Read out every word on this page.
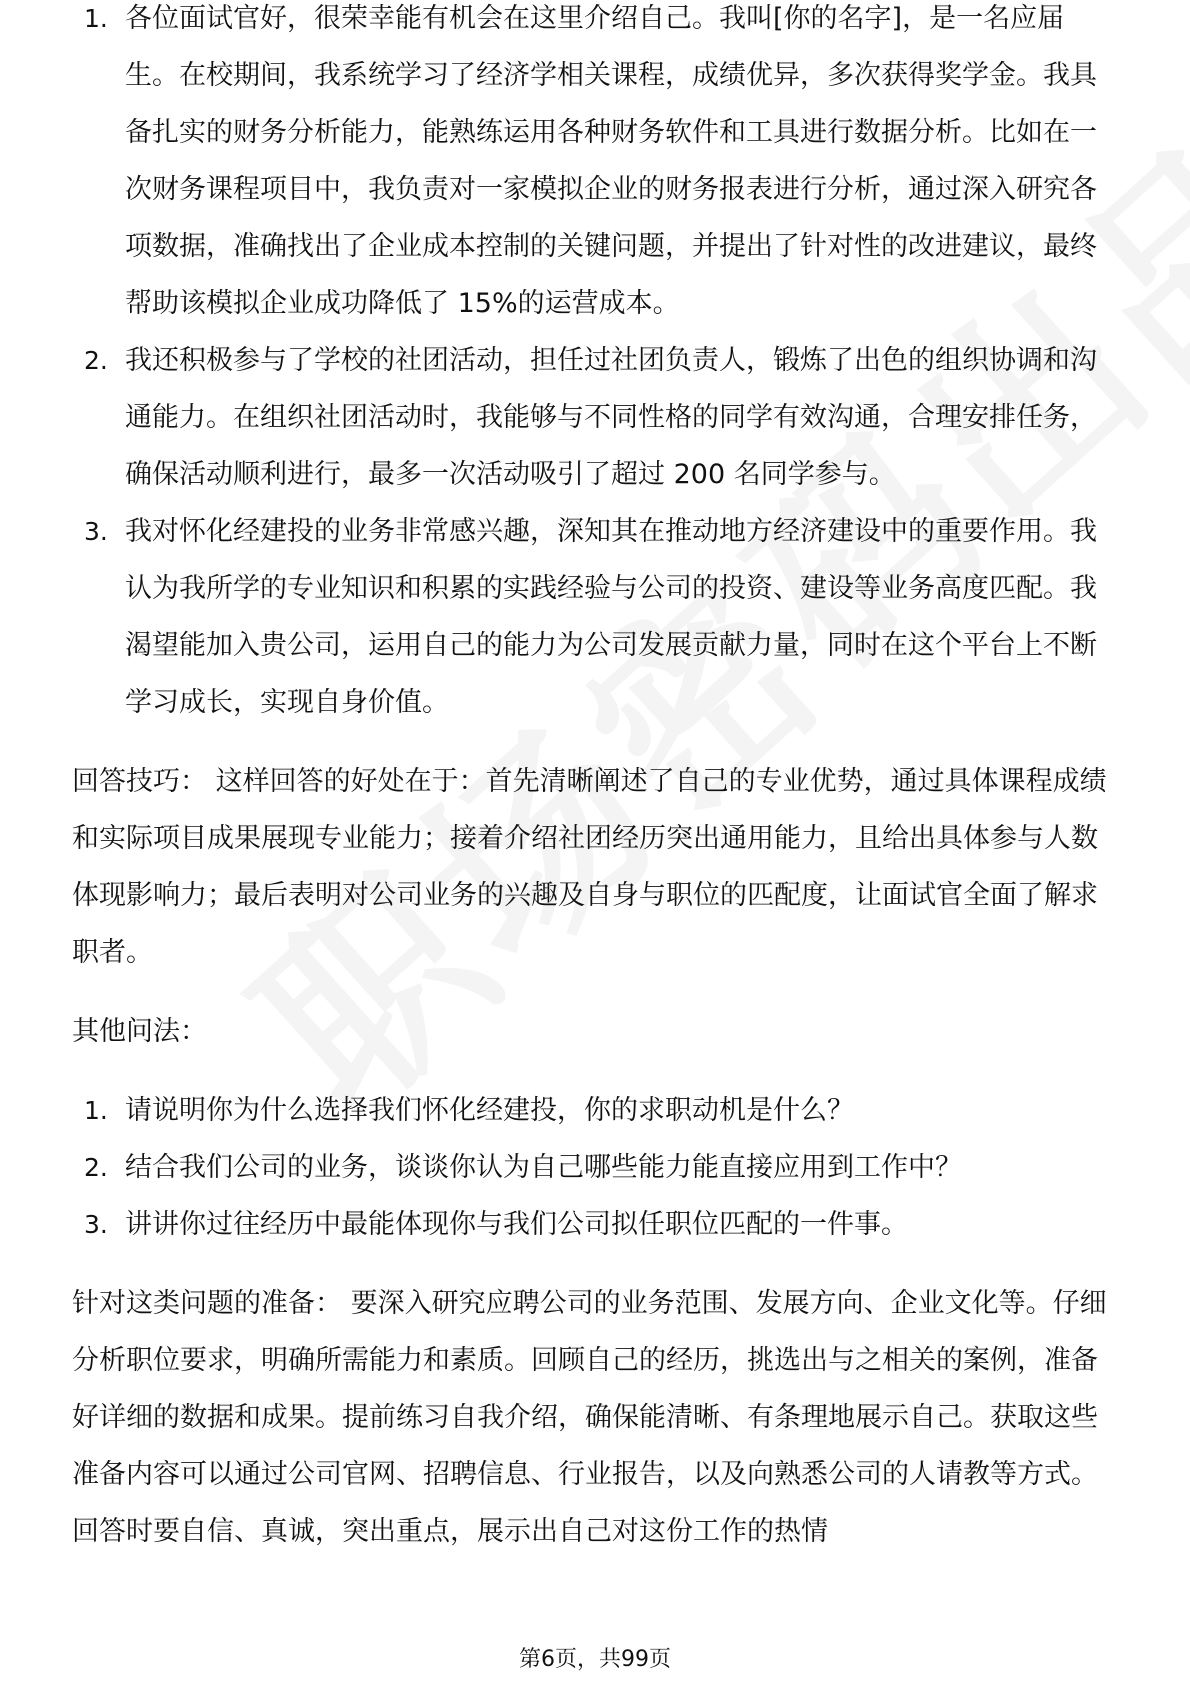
1. 各位面试官好，很荣幸能有机会在这里介绍自己。我叫[你的名字]，是一名应届生。在校期间，我系统学习了经济学相关课程，成绩优异，多次获得奖学金。我具备扎实的财务分析能力，能熟练运用各种财务软件和工具进行数据分析。比如在一次财务课程项目中，我负责对一家模拟企业的财务报表进行分析，通过深入研究各项数据，准确找出了企业成本控制的关键问题，并提出了针对性的改进建议，最终帮助该模拟企业成功降低了 15%的运营成本。
2. 我还积极参与了学校的社团活动，担任过社团负责人，锻炼了出色的组织协调和沟通能力。在组织社团活动时，我能够与不同性格的同学有效沟通，合理安排任务，确保活动顺利进行，最多一次活动吸引了超过 200 名同学参与。
3. 我对怀化经建投的业务非常感兴趣，深知其在推动地方经济建设中的重要作用。我认为我所学的专业知识和积累的实践经验与公司的投资、建设等业务高度匹配。我渴望能加入贵公司，运用自己的能力为公司发展贡献力量，同时在这个平台上不断学习成长，实现自身价值。

回答技巧： 这样回答的好处在于：首先清晰阐述了自己的专业优势，通过具体课程成绩和实际项目成果展现专业能力；接着介绍社团经历突出通用能力，且给出具体参与人数体现影响力；最后表明对公司业务的兴趣及自身与职位的匹配度，让面试官全面了解求职者。

其他问法：

1. 请说明你为什么选择我们怀化经建投，你的求职动机是什么？
2. 结合我们公司的业务，谈谈你认为自己哪些能力能直接应用到工作中？
3. 讲讲你过往经历中最能体现你与我们公司拟任职位匹配的一件事。

针对这类问题的准备： 要深入研究应聘公司的业务范围、发展方向、企业文化等。仔细分析职位要求，明确所需能力和素质。回顾自己的经历，挑选出与之相关的案例，准备好详细的数据和成果。提前练习自我介绍，确保能清晰、有条理地展示自己。获取这些准备内容可以通过公司官网、招聘信息、行业报告，以及向熟悉公司的人请教等方式。回答时要自信、真诚，突出重点，展示出自己对这份工作的热情

第6页，共99页
